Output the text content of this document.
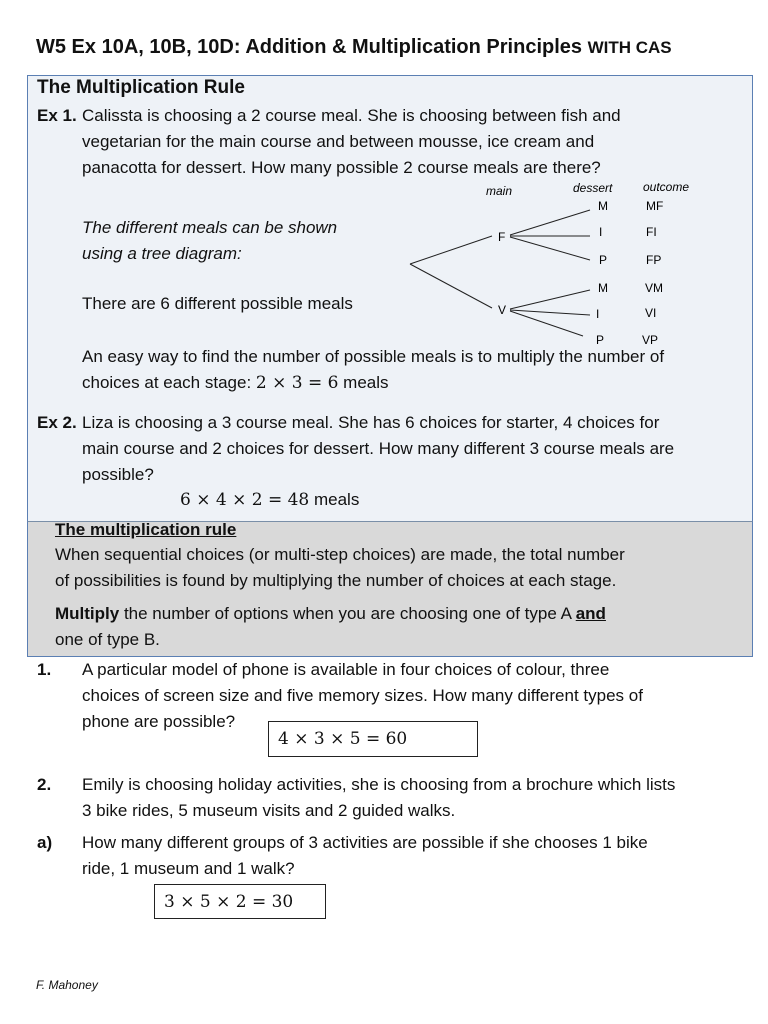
W5 Ex 10A, 10B, 10D: Addition & Multiplication Principles WITH CAS
The Multiplication Rule
Ex 1. Calissta is choosing a 2 course meal. She is choosing between fish and
vegetarian for the main course and between mousse, ice cream and
panacotta for dessert. How many possible 2 course meals are there?
The different meals can be shown
using a tree diagram:
There are 6 different possible meals
main	dessert	outcome
F
V
M
I
P
M
I
P
MF
FI
FP
VM
VI
VP
An easy way to find the number of possible meals is to multiply the number of
choices at each stage: 2 × 3 = 6 meals
Ex 2. Liza is choosing a 3 course meal. She has 6 choices for starter, 4 choices for
main course and 2 choices for dessert. How many different 3 course meals are
possible?
6 × 4 × 2 = 48 meals
The multiplication rule
When sequential choices (or multi-step choices) are made, the total number
of possibilities is found by multiplying the number of choices at each stage.
Multiply the number of options when you are choosing one of type A and
one of type B.
1. A particular model of phone is available in four choices of colour, three
choices of screen size and five memory sizes. How many different types of
phone are possible?
4 × 3 × 5 = 60
2. Emily is choosing holiday activities, she is choosing from a brochure which lists
3 bike rides, 5 museum visits and 2 guided walks.
a) How many different groups of 3 activities are possible if she chooses 1 bike
ride, 1 museum and 1 walk?
3 × 5 × 2 = 30
F. Mahoney
